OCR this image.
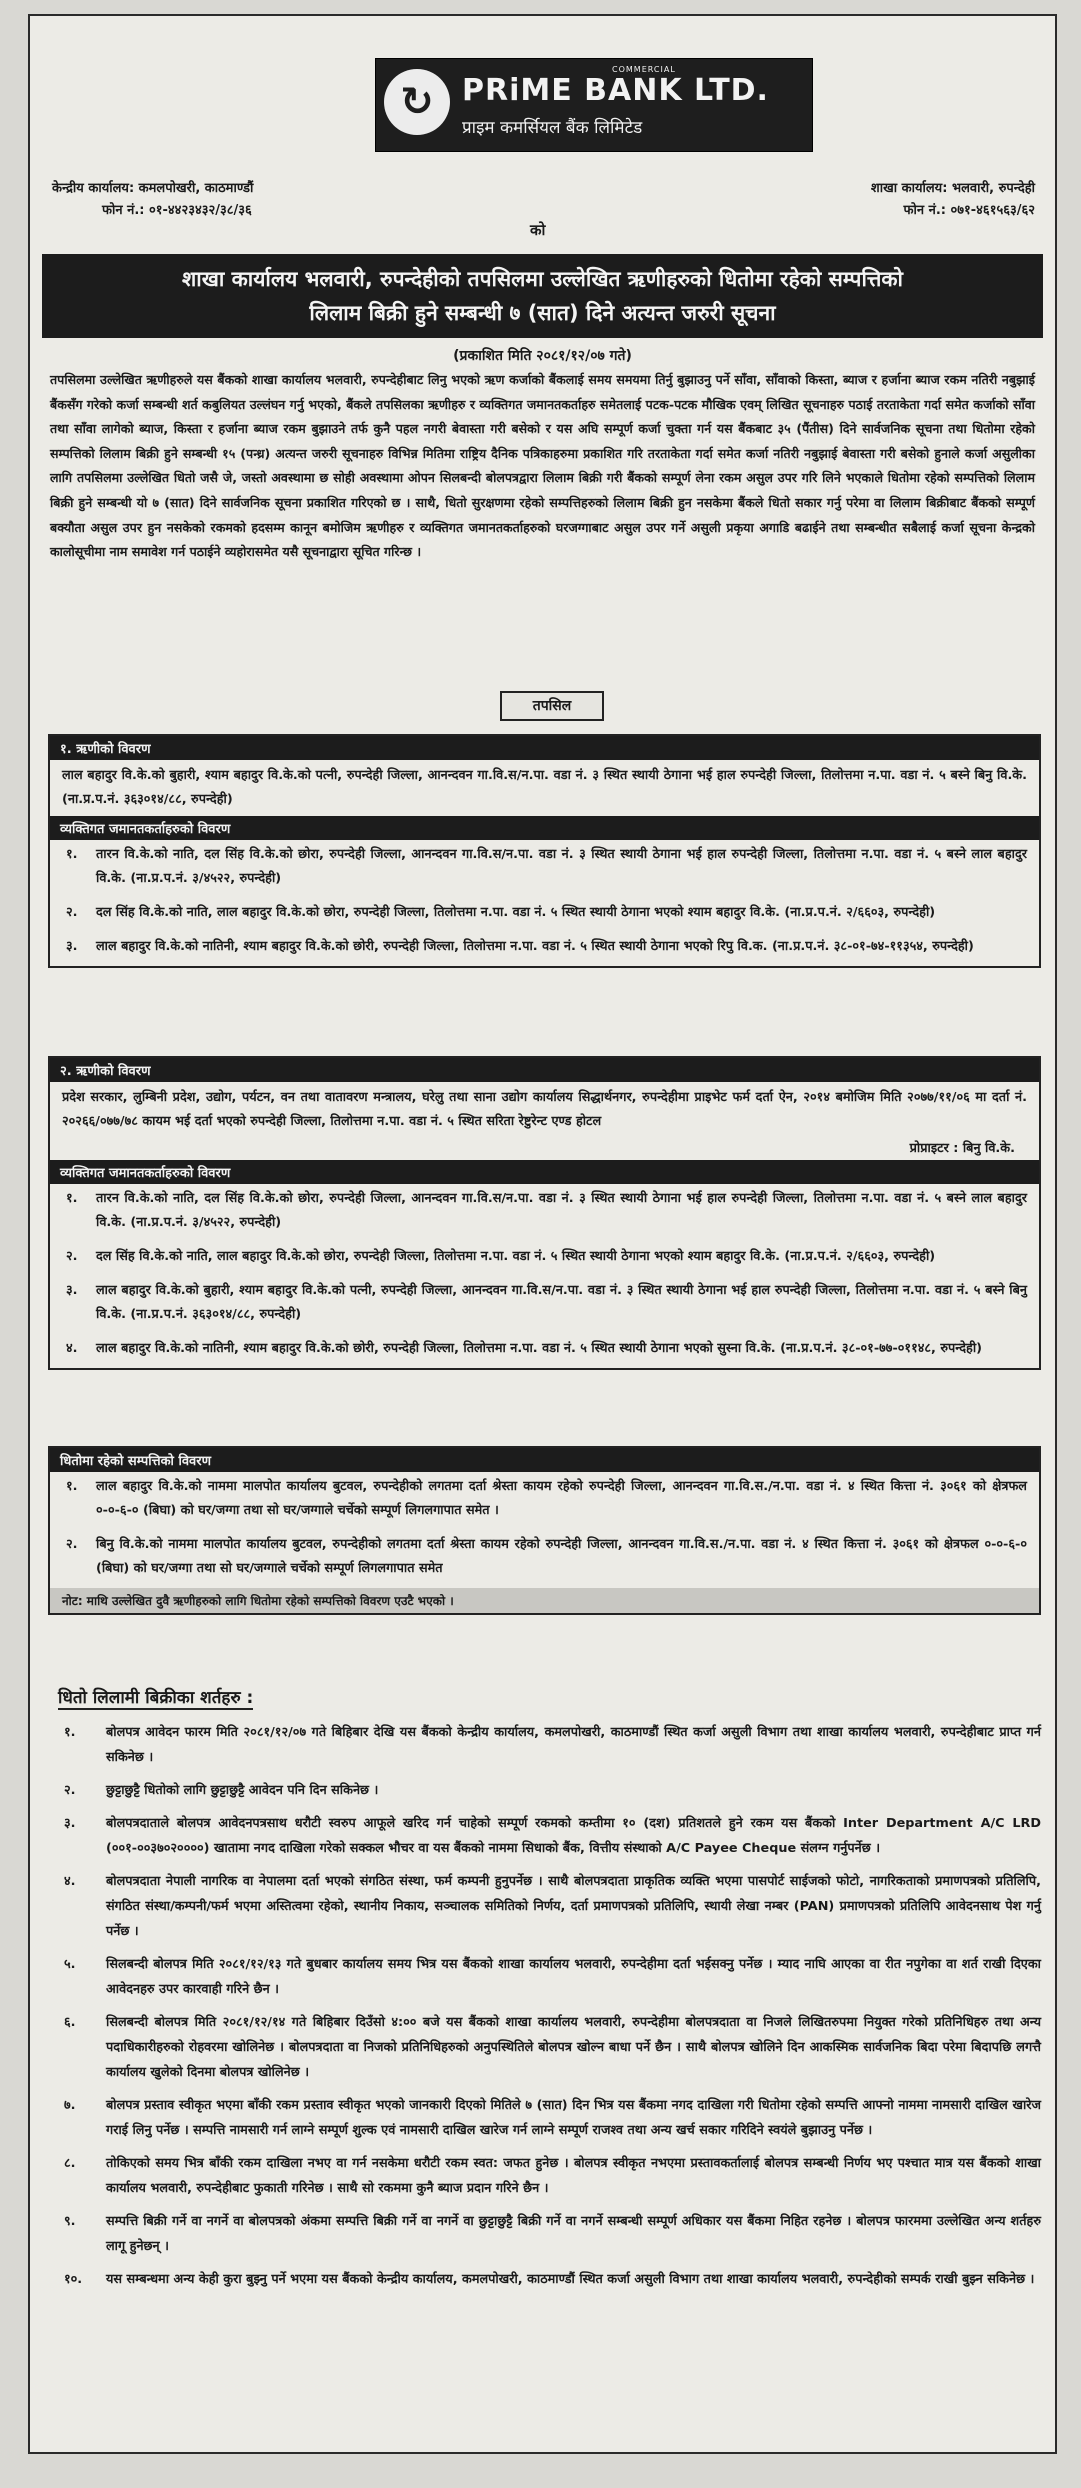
↻
COMMERCIAL
PRiME BANK LTD.
प्राइम कमर्सियल बैंक लिमिटेड
केन्द्रीय कार्यालय: कमलपोखरी, काठमाण्डौं
फोन नं.: ०१-४४२३४३२/३८/३६
शाखा कार्यालय: भलवारी, रुपन्देही
फोन नं.: ०७१-४६१५६३/६२
को
शाखा कार्यालय भलवारी, रुपन्देहीको तपसिलमा उल्लेखित ऋणीहरुको धितोमा रहेको सम्पत्तिको
लिलाम बिक्री हुने सम्बन्धी ७ (सात) दिने अत्यन्त जरुरी सूचना
(प्रकाशित मिति २०८१/१२/०७ गते)
तपसिलमा उल्लेखित ऋणीहरुले यस बैंकको शाखा कार्यालय भलवारी, रुपन्देहीबाट लिनु भएको ऋण कर्जाको बैंकलाई समय समयमा तिर्नु बुझाउनु पर्ने साँवा, साँवाको किस्ता, ब्याज र हर्जाना ब्याज रकम नतिरी नबुझाई बैंकसँग गरेको कर्जा सम्बन्धी शर्त कबुलियत उल्लंघन गर्नु भएको, बैंकले तपसिलका ऋणीहरु र व्यक्तिगत जमानतकर्ताहरु समेतलाई पटक-पटक मौखिक एवम् लिखित सूचनाहरु पठाई तरताकेता गर्दा समेत कर्जाको साँवा तथा साँवा लागेको ब्याज, किस्ता र हर्जाना ब्याज रकम बुझाउने तर्फ कुनै पहल नगरी बेवास्ता गरी बसेको र यस अघि सम्पूर्ण कर्जा चुक्ता गर्न यस बैंकबाट ३५ (पैंतीस) दिने सार्वजनिक सूचना तथा धितोमा रहेको सम्पत्तिको लिलाम बिक्री हुने सम्बन्धी १५ (पन्ध्र) अत्यन्त जरुरी सूचनाहरु विभिन्न मितिमा राष्ट्रिय दैनिक पत्रिकाहरुमा प्रकाशित गरि तरताकेता गर्दा समेत कर्जा नतिरी नबुझाई बेवास्ता गरी बसेको हुनाले कर्जा असुलीका लागि तपसिलमा उल्लेखित धितो जसै जे, जस्तो अवस्थामा छ सोही अवस्थामा ओपन सिलबन्दी बोलपत्रद्वारा लिलाम बिक्री गरी बैंकको सम्पूर्ण लेना रकम असुल उपर गरि लिने भएकाले धितोमा रहेको सम्पत्तिको लिलाम बिक्री हुने सम्बन्धी यो ७ (सात) दिने सार्वजनिक सूचना प्रकाशित गरिएको छ । साथै, धितो सुरक्षणमा रहेको सम्पत्तिहरुको लिलाम बिक्री हुन नसकेमा बैंकले धितो सकार गर्नु परेमा वा लिलाम बिक्रीबाट बैंकको सम्पूर्ण बक्यौता असुल उपर हुन नसकेको रकमको हदसम्म कानून बमोजिम ऋणीहरु र व्यक्तिगत जमानतकर्ताहरुको घरजग्गाबाट असुल उपर गर्ने असुली प्रकृया अगाडि बढाईने तथा सम्बन्धीत सबैलाई कर्जा सूचना केन्द्रको कालोसूचीमा नाम समावेश गर्न पठाईने व्यहोरासमेत यसै सूचनाद्वारा सूचित गरिन्छ ।
तपसिल
१. ऋणीको विवरण
लाल बहादुर वि.के.को बुहारी, श्याम बहादुर वि.के.को पत्नी, रुपन्देही जिल्ला, आनन्दवन गा.वि.स/न.पा. वडा नं. ३ स्थित स्थायी ठेगाना भई हाल रुपन्देही जिल्ला, तिलोत्तमा न.पा. वडा नं. ५ बस्ने बिनु वि.के. (ना.प्र.प.नं. ३६३०१४/८८, रुपन्देही)
व्यक्तिगत जमानतकर्ताहरुको विवरण
१.	तारन वि.के.को नाति, दल सिंह वि.के.को छोरा, रुपन्देही जिल्ला, आनन्दवन गा.वि.स/न.पा. वडा नं. ३ स्थित स्थायी ठेगाना भई हाल रुपन्देही जिल्ला, तिलोत्तमा न.पा. वडा नं. ५ बस्ने लाल बहादुर वि.के. (ना.प्र.प.नं. ३/४५२२, रुपन्देही)
२.	दल सिंह वि.के.को नाति, लाल बहादुर वि.के.को छोरा, रुपन्देही जिल्ला, तिलोत्तमा न.पा. वडा नं. ५ स्थित स्थायी ठेगाना भएको श्याम बहादुर वि.के. (ना.प्र.प.नं. २/६६०३, रुपन्देही)
३.	लाल बहादुर वि.के.को नातिनी, श्याम बहादुर वि.के.को छोरी, रुपन्देही जिल्ला, तिलोत्तमा न.पा. वडा नं. ५ स्थित स्थायी ठेगाना भएको रिपु वि.क. (ना.प्र.प.नं. ३८-०१-७४-११३५४, रुपन्देही)
२. ऋणीको विवरण
प्रदेश सरकार, लुम्बिनी प्रदेश, उद्योग, पर्यटन, वन तथा वातावरण मन्त्रालय, घरेलु तथा साना उद्योग कार्यालय सिद्धार्थनगर, रुपन्देहीमा प्राइभेट फर्म दर्ता ऐन, २०१४ बमोजिम मिति २०७७/११/०६ मा दर्ता नं. २०२६६/०७७/७८ कायम भई दर्ता भएको रुपन्देही जिल्ला, तिलोत्तमा न.पा. वडा नं. ५ स्थित सरिता रेष्टुरेन्ट एण्ड होटल
प्रोप्राइटर : बिनु वि.के.
व्यक्तिगत जमानतकर्ताहरुको विवरण
१.	तारन वि.के.को नाति, दल सिंह वि.के.को छोरा, रुपन्देही जिल्ला, आनन्दवन गा.वि.स/न.पा. वडा नं. ३ स्थित स्थायी ठेगाना भई हाल रुपन्देही जिल्ला, तिलोत्तमा न.पा. वडा नं. ५ बस्ने लाल बहादुर वि.के. (ना.प्र.प.नं. ३/४५२२, रुपन्देही)
२.	दल सिंह वि.के.को नाति, लाल बहादुर वि.के.को छोरा, रुपन्देही जिल्ला, तिलोत्तमा न.पा. वडा नं. ५ स्थित स्थायी ठेगाना भएको श्याम बहादुर वि.के. (ना.प्र.प.नं. २/६६०३, रुपन्देही)
३.	लाल बहादुर वि.के.को बुहारी, श्याम बहादुर वि.के.को पत्नी, रुपन्देही जिल्ला, आनन्दवन गा.वि.स/न.पा. वडा नं. ३ स्थित स्थायी ठेगाना भई हाल रुपन्देही जिल्ला, तिलोत्तमा न.पा. वडा नं. ५ बस्ने बिनु वि.के. (ना.प्र.प.नं. ३६३०१४/८८, रुपन्देही)
४.	लाल बहादुर वि.के.को नातिनी, श्याम बहादुर वि.के.को छोरी, रुपन्देही जिल्ला, तिलोत्तमा न.पा. वडा नं. ५ स्थित स्थायी ठेगाना भएको सुस्ना वि.के. (ना.प्र.प.नं. ३८-०१-७७-०११४८, रुपन्देही)
धितोमा रहेको सम्पत्तिको विवरण
१.	लाल बहादुर वि.के.को नाममा मालपोत कार्यालय बुटवल, रुपन्देहीको लगतमा दर्ता श्रेस्ता कायम रहेको रुपन्देही जिल्ला, आनन्दवन गा.वि.स./न.पा. वडा नं. ४ स्थित कित्ता नं. ३०६१ को क्षेत्रफल ०-०-६-० (बिघा) को घर/जग्गा तथा सो घर/जग्गाले चर्चेको सम्पूर्ण लिगलगापात समेत ।
२.	बिनु वि.के.को नाममा मालपोत कार्यालय बुटवल, रुपन्देहीको लगतमा दर्ता श्रेस्ता कायम रहेको रुपन्देही जिल्ला, आनन्दवन गा.वि.स./न.पा. वडा नं. ४ स्थित कित्ता नं. ३०६१ को क्षेत्रफल ०-०-६-० (बिघा) को घर/जग्गा तथा सो घर/जग्गाले चर्चेको सम्पूर्ण लिगलगापात समेत
नोट: माथि उल्लेखित दुवै ऋणीहरुको लागि धितोमा रहेको सम्पत्तिको विवरण एउटै भएको ।
धितो लिलामी बिक्रीका शर्तहरु :
१.	बोलपत्र आवेदन फारम मिति २०८१/१२/०७ गते बिहिबार देखि यस बैंकको केन्द्रीय कार्यालय, कमलपोखरी, काठमाण्डौं स्थित कर्जा असुली विभाग तथा शाखा कार्यालय भलवारी, रुपन्देहीबाट प्राप्त गर्न सकिनेछ ।
२.	छुट्टाछुट्टै धितोको लागि छुट्टाछुट्टै आवेदन पनि दिन सकिनेछ ।
३.	बोलपत्रदाताले बोलपत्र आवेदनपत्रसाथ धरौटी स्वरुप आफूले खरिद गर्न चाहेको सम्पूर्ण रकमको कम्तीमा १० (दश) प्रतिशतले हुने रकम यस बैंकको Inter Department A/C LRD (००१-००३७०२००००) खातामा नगद दाखिला गरेको सक्कल भौचर वा यस बैंकको नाममा सिधाको बैंक, वित्तीय संस्थाको A/C Payee Cheque संलग्न गर्नुपर्नेछ ।
४.	बोलपत्रदाता नेपाली नागरिक वा नेपालमा दर्ता भएको संगठित संस्था, फर्म कम्पनी हुनुपर्नेछ । साथै बोलपत्रदाता प्राकृतिक व्यक्ति भएमा पासपोर्ट साईजको फोटो, नागरिकताको प्रमाणपत्रको प्रतिलिपि, संगठित संस्था/कम्पनी/फर्म भएमा अस्तित्वमा रहेको, स्थानीय निकाय, सञ्चालक समितिको निर्णय, दर्ता प्रमाणपत्रको प्रतिलिपि, स्थायी लेखा नम्बर (PAN) प्रमाणपत्रको प्रतिलिपि आवेदनसाथ पेश गर्नु पर्नेछ ।
५.	सिलबन्दी बोलपत्र मिति २०८१/१२/१३ गते बुधबार कार्यालय समय भित्र यस बैंकको शाखा कार्यालय भलवारी, रुपन्देहीमा दर्ता भईसक्नु पर्नेछ । म्याद नाघि आएका वा रीत नपुगेका वा शर्त राखी दिएका आवेदनहरु उपर कारवाही गरिने छैन ।
६.	सिलबन्दी बोलपत्र मिति २०८१/१२/१४ गते बिहिबार दिउँसो ४:०० बजे यस बैंकको शाखा कार्यालय भलवारी, रुपन्देहीमा बोलपत्रदाता वा निजले लिखितरुपमा नियुक्त गरेको प्रतिनिधिहरु तथा अन्य पदाधिकारीहरुको रोहवरमा खोलिनेछ । बोलपत्रदाता वा निजको प्रतिनिधिहरुको अनुपस्थितिले बोलपत्र खोल्न बाधा पर्ने छैन । साथै बोलपत्र खोलिने दिन आकस्मिक सार्वजनिक बिदा परेमा बिदापछि लगत्तै कार्यालय खुलेको दिनमा बोलपत्र खोलिनेछ ।
७.	बोलपत्र प्रस्ताव स्वीकृत भएमा बाँकी रकम प्रस्ताव स्वीकृत भएको जानकारी दिएको मितिले ७ (सात) दिन भित्र यस बैंकमा नगद दाखिला गरी धितोमा रहेको सम्पत्ति आफ्नो नाममा नामसारी दाखिल खारेज गराई लिनु पर्नेछ । सम्पत्ति नामसारी गर्न लाग्ने सम्पूर्ण शुल्क एवं नामसारी दाखिल खारेज गर्न लाग्ने सम्पूर्ण राजश्व तथा अन्य खर्च सकार गरिदिने स्वयंले बुझाउनु पर्नेछ ।
८.	तोकिएको समय भित्र बाँकी रकम दाखिला नभए वा गर्न नसकेमा धरौटी रकम स्वत: जफत हुनेछ । बोलपत्र स्वीकृत नभएमा प्रस्तावकर्तालाई बोलपत्र सम्बन्धी निर्णय भए पश्चात मात्र यस बैंकको शाखा कार्यालय भलवारी, रुपन्देहीबाट फुकाती गरिनेछ । साथै सो रकममा कुनै ब्याज प्रदान गरिने छैन ।
९.	सम्पत्ति बिक्री गर्ने वा नगर्ने वा बोलपत्रको अंकमा सम्पत्ति बिक्री गर्ने वा नगर्ने वा छुट्टाछुट्टै बिक्री गर्ने वा नगर्ने सम्बन्धी सम्पूर्ण अधिकार यस बैंकमा निहित रहनेछ । बोलपत्र फारममा उल्लेखित अन्य शर्तहरु लागू हुनेछन् ।
१०.	यस सम्बन्धमा अन्य केही कुरा बुझ्नु पर्ने भएमा यस बैंकको केन्द्रीय कार्यालय, कमलपोखरी, काठमाण्डौं स्थित कर्जा असुली विभाग तथा शाखा कार्यालय भलवारी, रुपन्देहीको सम्पर्क राखी बुझ्न सकिनेछ ।
